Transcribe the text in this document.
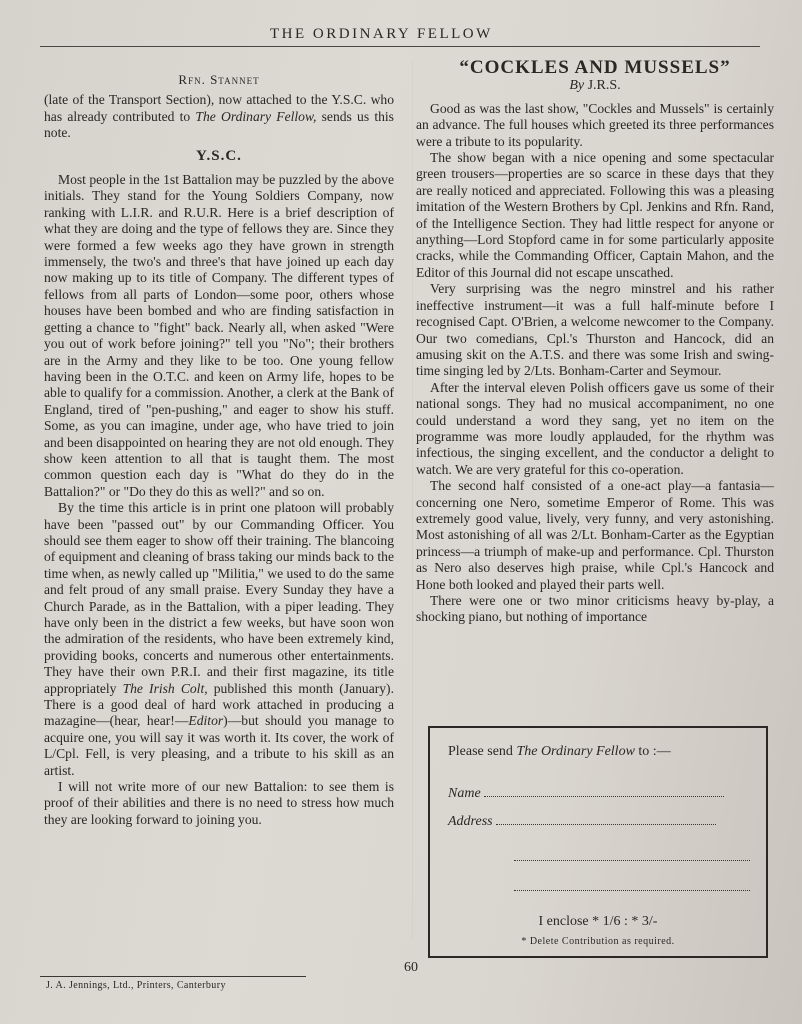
THE ORDINARY FELLOW
Rfn. Stannet

(late of the Transport Section), now attached to the Y.S.C. who has already contributed to The Ordinary Fellow, sends us this note.

Y.S.C.

Most people in the 1st Battalion may be puzzled by the above initials. They stand for the Young Soldiers Company, now ranking with L.I.R. and R.U.R. Here is a brief description of what they are doing and the type of fellows they are. Since they were formed a few weeks ago they have grown in strength immensely, the two's and three's that have joined up each day now making up to its title of Company. The different types of fellows from all parts of London—some poor, others whose houses have been bombed and who are finding satisfaction in getting a chance to "fight" back. Nearly all, when asked "Were you out of work before joining?" tell you "No"; their brothers are in the Army and they like to be too. One young fellow having been in the O.T.C. and keen on Army life, hopes to be able to qualify for a commission. Another, a clerk at the Bank of England, tired of "pen-pushing," and eager to show his stuff. Some, as you can imagine, under age, who have tried to join and been disappointed on hearing they are not old enough. They show keen attention to all that is taught them. The most common question each day is "What do they do in the Battalion?" or "Do they do this as well?" and so on.

By the time this article is in print one platoon will probably have been "passed out" by our Commanding Officer. You should see them eager to show off their training. The blancoing of equipment and cleaning of brass taking our minds back to the time when, as newly called up "Militia," we used to do the same and felt proud of any small praise. Every Sunday they have a Church Parade, as in the Battalion, with a piper leading. They have only been in the district a few weeks, but have soon won the admiration of the residents, who have been extremely kind, providing books, concerts and numerous other entertainments. They have their own P.R.I. and their first magazine, its title appropriately The Irish Colt, published this month (January). There is a good deal of hard work attached in producing a mazagine—(hear, hear!—Editor)—but should you manage to acquire one, you will say it was worth it. Its cover, the work of L/Cpl. Fell, is very pleasing, and a tribute to his skill as an artist.

I will not write more of our new Battalion: to see them is proof of their abilities and there is no need to stress how much they are looking forward to joining you.

“COCKLES AND MUSSELS”
By J.R.S.

Good as was the last show, "Cockles and Mussels" is certainly an advance. The full houses which greeted its three performances were a tribute to its popularity.

The show began with a nice opening and some spectacular green trousers—properties are so scarce in these days that they are really noticed and appreciated. Following this was a pleasing imitation of the Western Brothers by Cpl. Jenkins and Rfn. Rand, of the Intelligence Section. They had little respect for anyone or anything—Lord Stopford came in for some particularly apposite cracks, while the Commanding Officer, Captain Mahon, and the Editor of this Journal did not escape unscathed.

Very surprising was the negro minstrel and his rather ineffective instrument—it was a full half-minute before I recognised Capt. O'Brien, a welcome newcomer to the Company. Our two comedians, Cpl.'s Thurston and Hancock, did an amusing skit on the A.T.S. and there was some Irish and swing-time singing led by 2/Lts. Bonham-Carter and Seymour.

After the interval eleven Polish officers gave us some of their national songs. They had no musical accompaniment, no one could understand a word they sang, yet no item on the programme was more loudly applauded, for the rhythm was infectious, the singing excellent, and the conductor a delight to watch. We are very grateful for this co-operation.

The second half consisted of a one-act play—a fantasia—concerning one Nero, sometime Emperor of Rome. This was extremely good value, lively, very funny, and very astonishing. Most astonishing of all was 2/Lt. Bonham-Carter as the Egyptian princess—a triumph of make-up and performance. Cpl. Thurston as Nero also deserves high praise, while Cpl.'s Hancock and Hone both looked and played their parts well.

There were one or two minor criticisms heavy by-play, a shocking piano, but nothing of importance

Please send The Ordinary Fellow to :—
Name
Address
I enclose * 1/6 : * 3/-
* Delete Contribution as required.
60
J. A. Jennings, Ltd., Printers, Canterbury
